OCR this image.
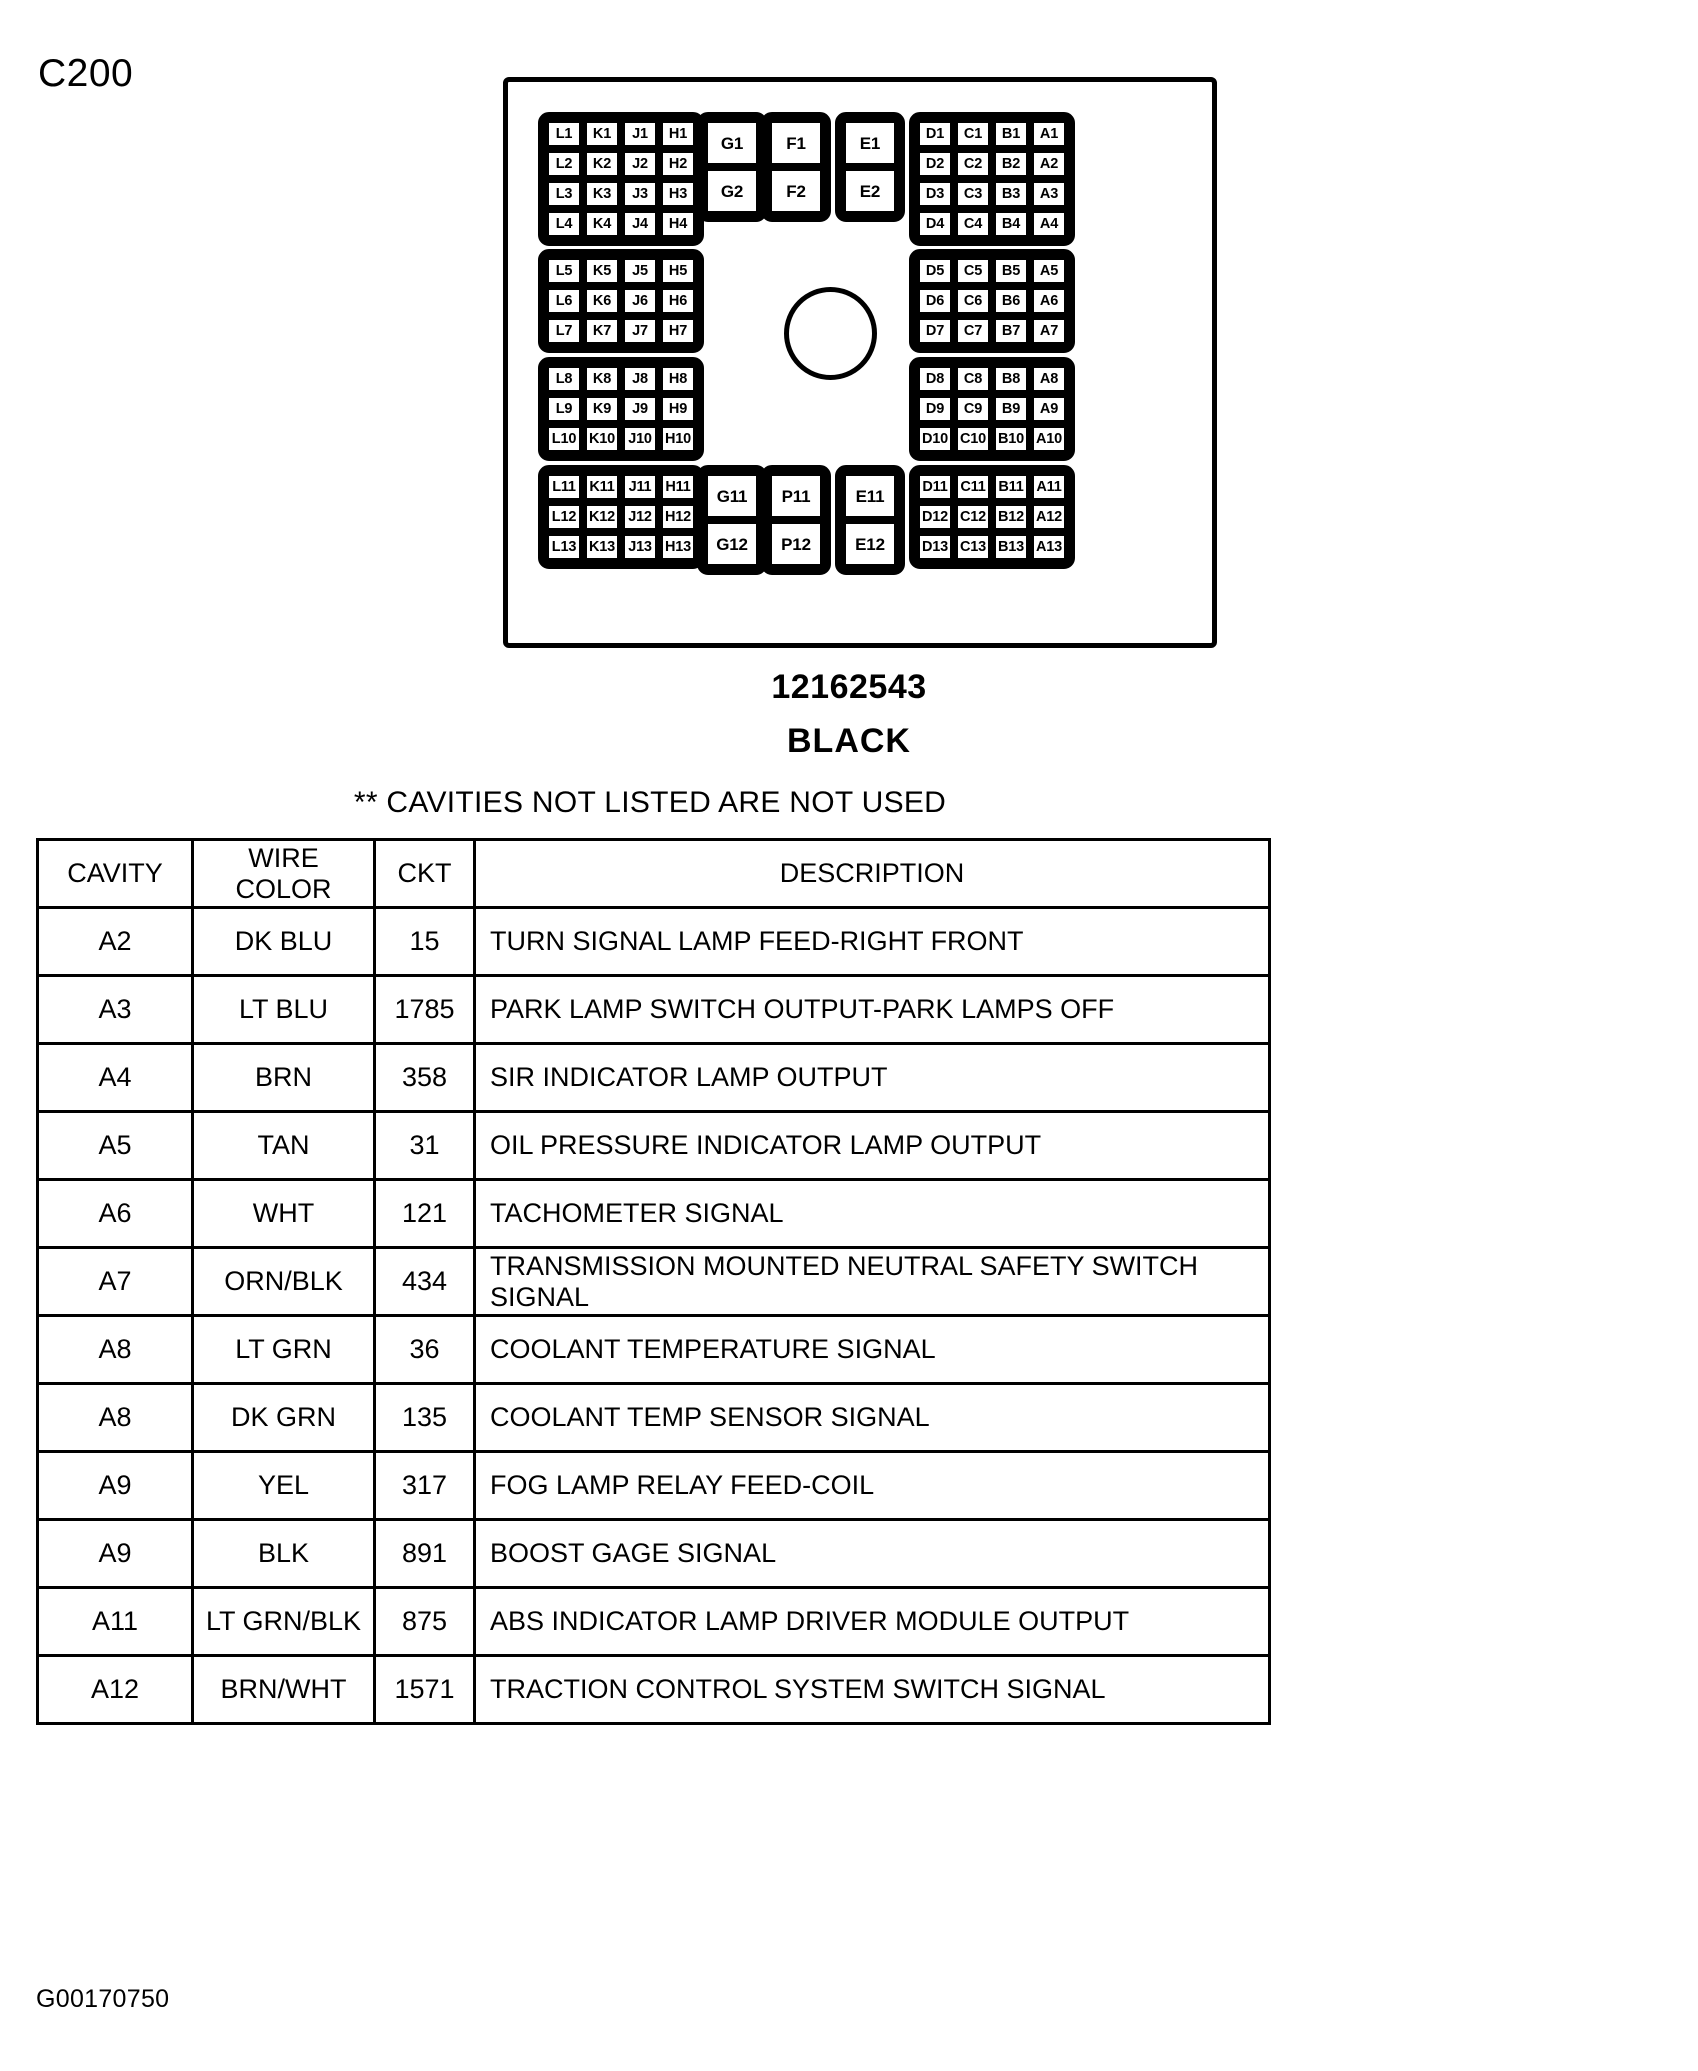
C200
L1
L2
L3
L4
K1
K2
K3
K4
J1
J2
J3
J4
H1
H2
H3
H4
G1
G2
F1
F2
E1
E2
D1
D2
D3
D4
C1
C2
C3
C4
B1
B2
B3
B4
A1
A2
A3
A4
L5
L6
L7
K5
K6
K7
J5
J6
J7
H5
H6
H7
D5
D6
D7
C5
C6
C7
B5
B6
B7
A5
A6
A7
L8
L9
L10
K8
K9
K10
J8
J9
J10
H8
H9
H10
D8
D9
D10
C8
C9
C10
B8
B9
B10
A8
A9
A10
L11
L12
L13
K11
K12
K13
J11
J12
J13
H11
H12
H13
G11
G12
P11
P12
E11
E12
D11
D12
D13
C11
C12
C13
B11
B12
B13
A11
A12
A13
12162543
BLACK
** CAVITIES NOT LISTED ARE NOT USED
CAVITY	WIRE COLOR	CKT	DESCRIPTION
A2	DK BLU	15	TURN SIGNAL LAMP FEED-RIGHT FRONT
A3	LT BLU	1785	PARK LAMP SWITCH OUTPUT-PARK LAMPS OFF
A4	BRN	358	SIR INDICATOR LAMP OUTPUT
A5	TAN	31	OIL PRESSURE INDICATOR LAMP OUTPUT
A6	WHT	121	TACHOMETER SIGNAL
A7	ORN/BLK	434	TRANSMISSION MOUNTED NEUTRAL SAFETY SWITCH SIGNAL
A8	LT GRN	36	COOLANT TEMPERATURE SIGNAL
A8	DK GRN	135	COOLANT TEMP SENSOR SIGNAL
A9	YEL	317	FOG LAMP RELAY FEED-COIL
A9	BLK	891	BOOST GAGE SIGNAL
A11	LT GRN/BLK	875	ABS INDICATOR LAMP DRIVER MODULE OUTPUT
A12	BRN/WHT	1571	TRACTION CONTROL SYSTEM SWITCH SIGNAL
G00170750
